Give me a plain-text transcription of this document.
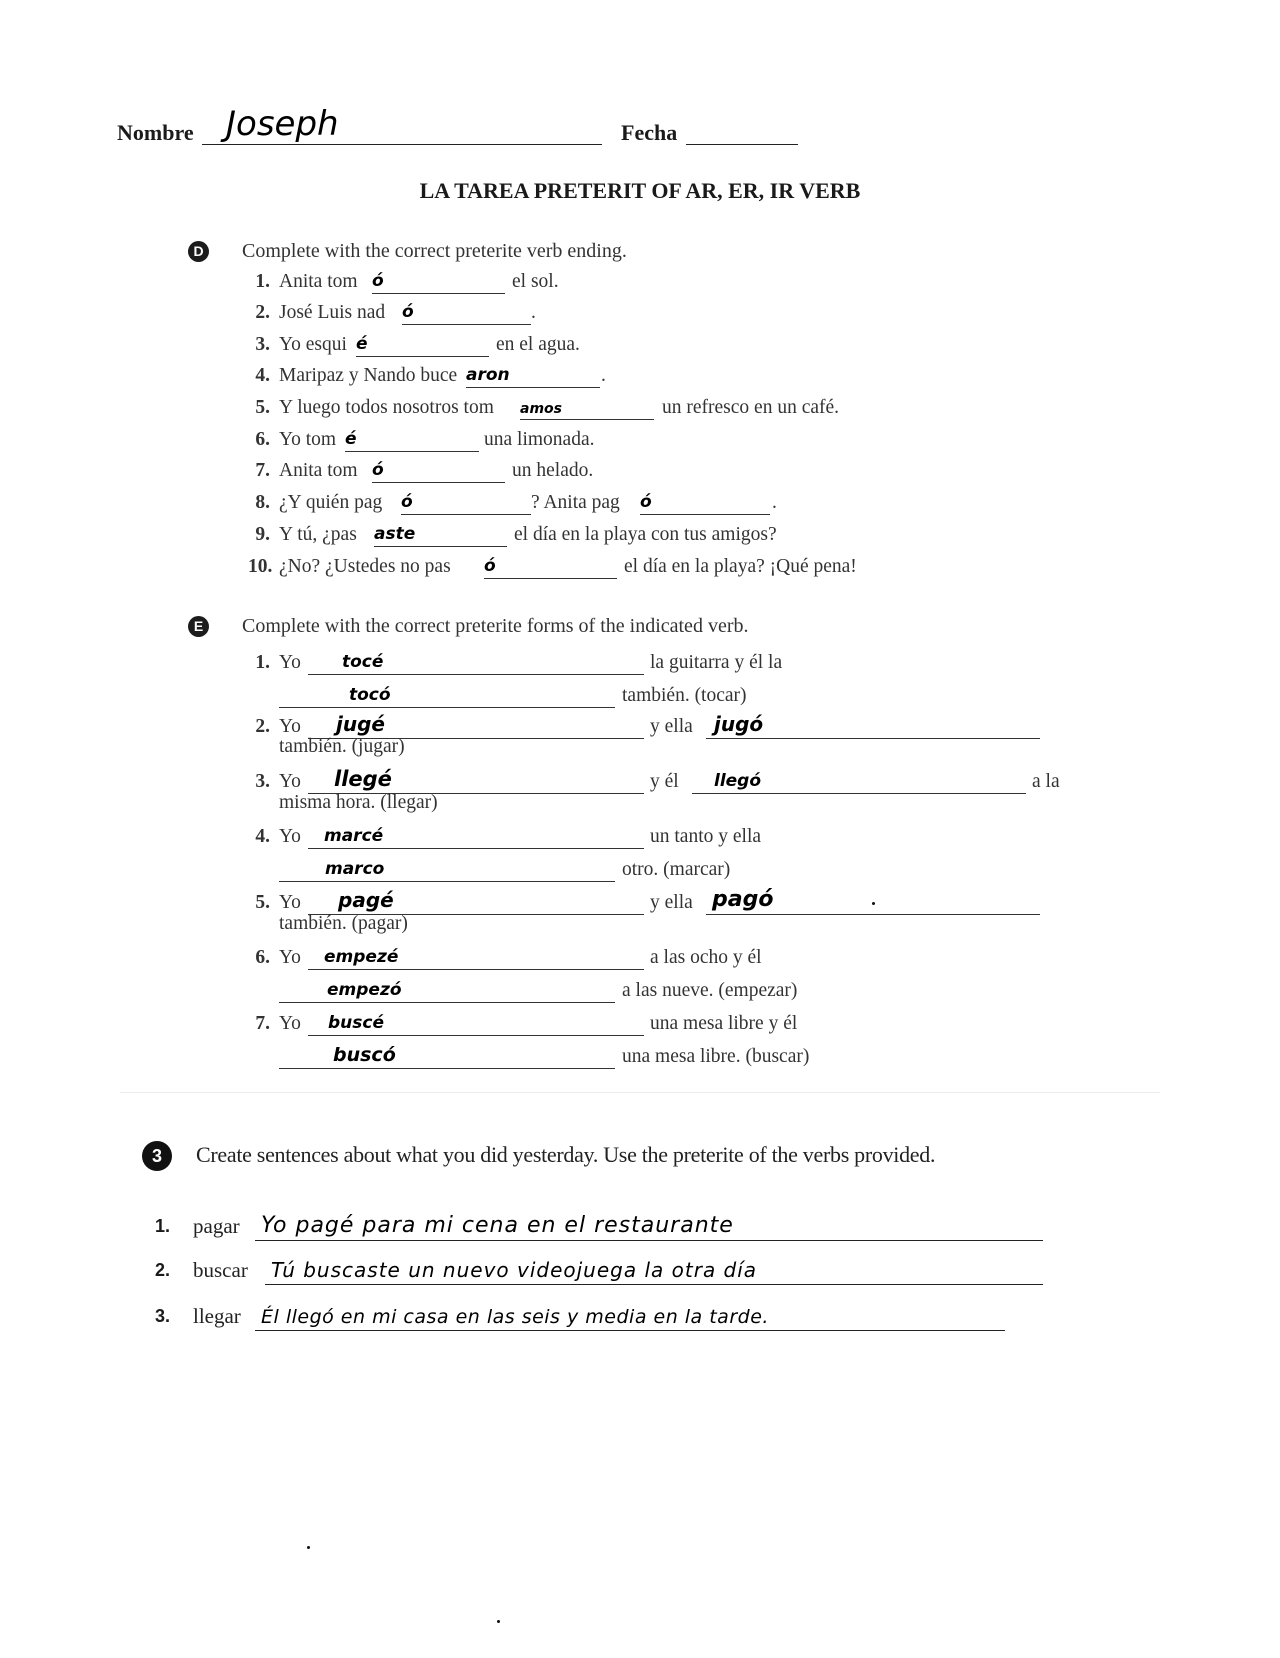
Nombre Joseph	Fecha
LA TAREA PRETERIT OF AR, ER, IR VERB
D Complete with the correct preterite verb ending.
1. Anita tom ó	el sol.
2. José Luis nad ó	.
3. Yo esqui é	en el agua.
4. Maripaz y Nando buce aron	.
5. Y luego todos nosotros tom amos	un refresco en un café.
6. Yo tom é	una limonada.
7. Anita tom ó	un helado.
8. ¿Y quién pag ó	? Anita pag ó	.
9. Y tú, ¿pas aste	el día en la playa con tus amigos?
10. ¿No? ¿Ustedes no pas ó	el día en la playa? ¡Qué pena!
E Complete with the correct preterite forms of the indicated verb.
1. Yo tocé	la guitarra y él la
tocó	también. (tocar)
2. Yo jugé	y ella jugó
también. (jugar)
3. Yo llegé	y él llegó	a la
misma hora. (llegar)
4. Yo marcé	un tanto y ella
marco	otro. (marcar)
5. Yo pagé	y ella pagó
también. (pagar)
6. Yo empezé	a las ocho y él
empezó	a las nueve. (empezar)
7. Yo buscé	una mesa libre y él
buscó	una mesa libre. (buscar)
3	Create sentences about what you did yesterday. Use the preterite of the verbs provided.
1. pagar Yo pagé para mi cena en el restaurante
2. buscar Tú buscaste un nuevo videojuega la otra día
3. llegar Él llegó en mi casa en las seis y media en la tarde.
